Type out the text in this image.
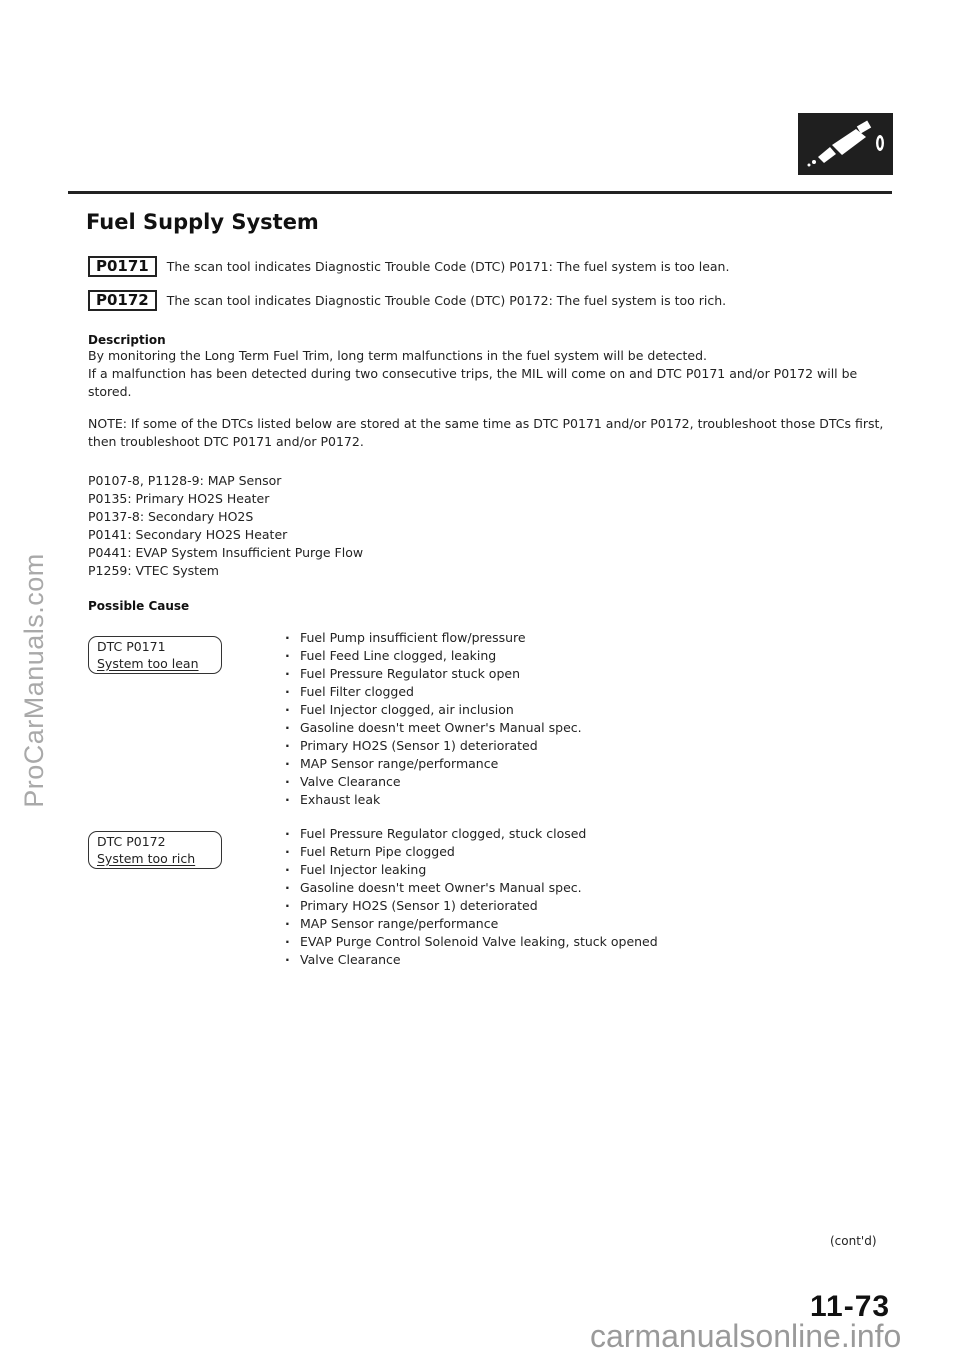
ProCarManuals.com
Fuel Supply System
P0171	The scan tool indicates Diagnostic Trouble Code (DTC) P0171: The fuel system is too lean.
P0172	The scan tool indicates Diagnostic Trouble Code (DTC) P0172: The fuel system is too rich.
Description

By monitoring the Long Term Fuel Trim, long term malfunctions in the fuel system will be detected.

If a malfunction has been detected during two consecutive trips, the MIL will come on and DTC P0171 and/or P0172 will be stored.

NOTE: If some of the DTCs listed below are stored at the same time as DTC P0171 and/or P0172, troubleshoot those DTCs first, then troubleshoot DTC P0171 and/or P0172.

P0107-8, P1128-9: MAP Sensor
P0135: Primary HO2S Heater
P0137-8: Secondary HO2S
P0141: Secondary HO2S Heater
P0441: EVAP System Insufficient Purge Flow
P1259: VTEC System
Possible Cause
DTC P0171
System too lean
· Fuel Pump insufficient flow/pressure
· Fuel Feed Line clogged, leaking
· Fuel Pressure Regulator stuck open
· Fuel Filter clogged
· Fuel Injector clogged, air inclusion
· Gasoline doesn't meet Owner's Manual spec.
· Primary HO2S (Sensor 1) deteriorated
· MAP Sensor range/performance
· Valve Clearance
· Exhaust leak
DTC P0172
System too rich
· Fuel Pressure Regulator clogged, stuck closed
· Fuel Return Pipe clogged
· Fuel Injector leaking
· Gasoline doesn't meet Owner's Manual spec.
· Primary HO2S (Sensor 1) deteriorated
· MAP Sensor range/performance
· EVAP Purge Control Solenoid Valve leaking, stuck opened
· Valve Clearance
(cont'd)
11-73
carmanualsonline.info
